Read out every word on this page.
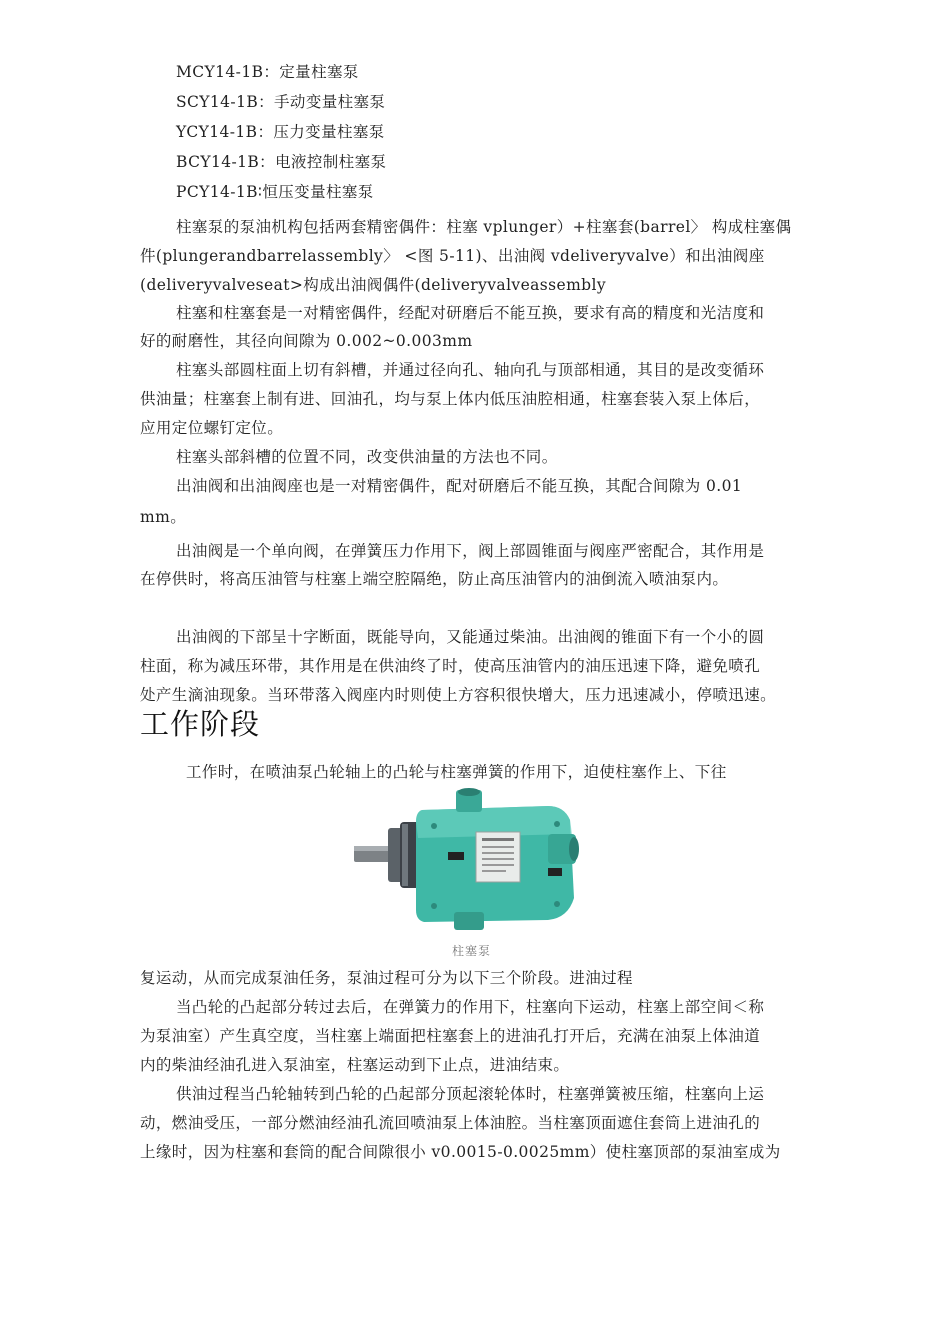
MCY14-1B：定量柱塞泵
SCY14-1B：手动变量柱塞泵
YCY14-1B：压力变量柱塞泵
BCY14-1B：电液控制柱塞泵
PCY14-1B∶恒压变量柱塞泵
柱塞泵的泵油机构包括两套精密偶件：柱塞 vplunger）+柱塞套(barrel〉 构成柱塞偶
件(plungerandbarrelassembly〉 <图 5-11)、出油阀 vdeliveryvalve）和出油阀座
(deliveryvalveseat>构成出油阀偶件(deliveryvalveassembly
柱塞和柱塞套是一对精密偶件，经配对研磨后不能互换，要求有高的精度和光洁度和
好的耐磨性，其径向间隙为 0.002~0.003mm
柱塞头部圆柱面上切有斜槽，并通过径向孔、轴向孔与顶部相通，其目的是改变循环
供油量；柱塞套上制有进、回油孔，均与泵上体内低压油腔相通，柱塞套装入泵上体后，
应用定位螺钉定位。
柱塞头部斜槽的位置不同，改变供油量的方法也不同。
出油阀和出油阀座也是一对精密偶件，配对研磨后不能互换，其配合间隙为 0.01
mm。
出油阀是一个单向阀，在弹簧压力作用下，阀上部圆锥面与阀座严密配合，其作用是
在停供时，将高压油管与柱塞上端空腔隔绝，防止高压油管内的油倒流入喷油泵内。
出油阀的下部呈十字断面，既能导向，又能通过柴油。出油阀的锥面下有一个小的圆
柱面，称为减压环带，其作用是在供油终了时，使高压油管内的油压迅速下降，避免喷孔
处产生滴油现象。当环带落入阀座内时则使上方容积很快增大，压力迅速减小，停喷迅速。
工作阶段
工作时，在喷油泵凸轮轴上的凸轮与柱塞弹簧的作用下，迫使柱塞作上、下往
柱塞泵
复运动，从而完成泵油任务，泵油过程可分为以下三个阶段。进油过程
当凸轮的凸起部分转过去后，在弹簧力的作用下，柱塞向下运动，柱塞上部空间＜称
为泵油室）产生真空度，当柱塞上端面把柱塞套上的进油孔打开后，充满在油泵上体油道
内的柴油经油孔进入泵油室，柱塞运动到下止点，进油结束。
供油过程当凸轮轴转到凸轮的凸起部分顶起滚轮体时，柱塞弹簧被压缩，柱塞向上运
动，燃油受压，一部分燃油经油孔流回喷油泵上体油腔。当柱塞顶面遮住套筒上进油孔的
上缘时，因为柱塞和套筒的配合间隙很小 v0.0015-0.0025mm）使柱塞顶部的泵油室成为
